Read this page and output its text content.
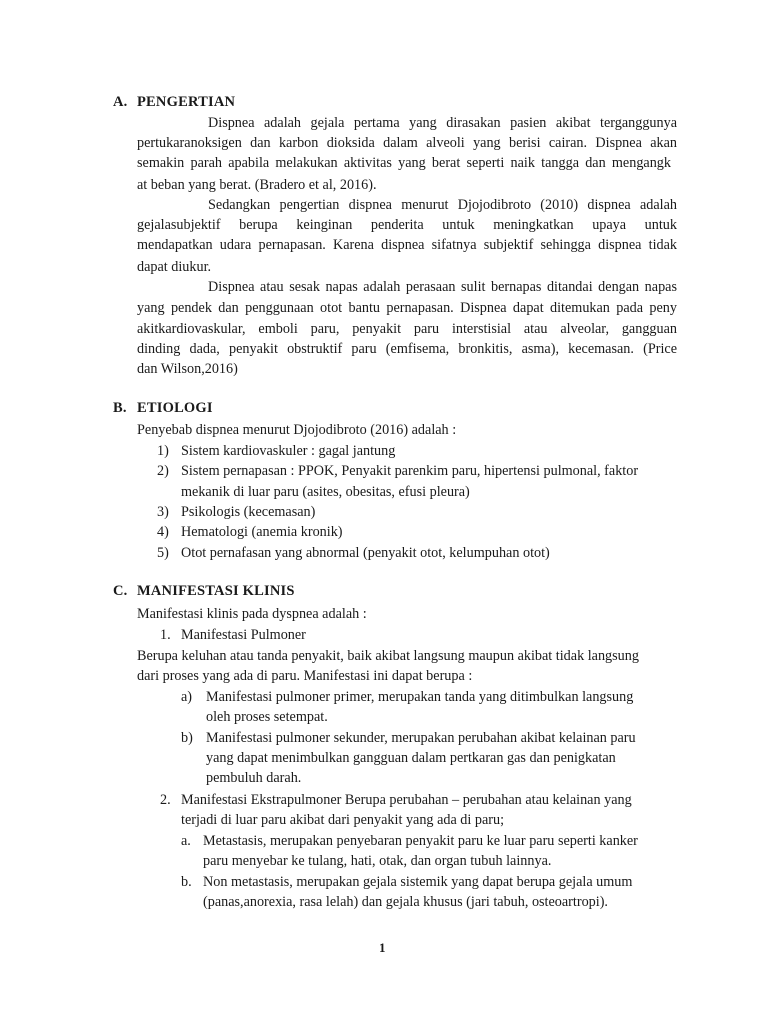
A. PENGERTIAN
Dispnea adalah gejala pertama yang dirasakan pasien akibat terganggunya
pertukaranoksigen dan karbon dioksida dalam alveoli yang berisi cairan. Dispnea akan
semakin parah apabila melakukan aktivitas yang berat seperti naik tangga dan mengangk
at beban yang berat. (Bradero et al, 2016).
Sedangkan pengertian dispnea menurut Djojodibroto (2010) dispnea adalah
gejalasubjektif berupa keinginan penderita untuk meningkatkan upaya untuk
mendapatkan udara pernapasan. Karena dispnea sifatnya subjektif sehingga dispnea tidak
dapat diukur.
Dispnea atau sesak napas adalah perasaan sulit bernapas ditandai dengan napas
yang pendek dan penggunaan otot bantu pernapasan. Dispnea dapat ditemukan pada peny
akitkardiovaskular, emboli paru, penyakit paru interstisial atau alveolar, gangguan
dinding dada, penyakit obstruktif paru (emfisema, bronkitis, asma), kecemasan. (Price
dan Wilson,2016)
B. ETIOLOGI
Penyebab dispnea menurut Djojodibroto (2016) adalah :
1) Sistem kardiovaskuler : gagal jantung
2) Sistem pernapasan : PPOK, Penyakit parenkim paru, hipertensi pulmonal, faktor
mekanik di luar paru (asites, obesitas, efusi pleura)
3) Psikologis (kecemasan)
4) Hematologi (anemia kronik)
5) Otot pernafasan yang abnormal (penyakit otot, kelumpuhan otot)
C. MANIFESTASI KLINIS
Manifestasi klinis pada dyspnea adalah :
1. Manifestasi Pulmoner
Berupa keluhan atau tanda penyakit, baik akibat langsung maupun akibat tidak langsung
dari proses yang ada di paru. Manifestasi ini dapat berupa :
a) Manifestasi pulmoner primer, merupakan tanda yang ditimbulkan langsung
oleh proses setempat.
b) Manifestasi pulmoner sekunder, merupakan perubahan akibat kelainan paru
yang dapat menimbulkan gangguan dalam pertkaran gas dan penigkatan
pembuluh darah.
2. Manifestasi Ekstrapulmoner Berupa perubahan – perubahan atau kelainan yang
terjadi di luar paru akibat dari penyakit yang ada di paru;
a. Metastasis, merupakan penyebaran penyakit paru ke luar paru seperti kanker
paru menyebar ke tulang, hati, otak, dan organ tubuh lainnya.
b. Non metastasis, merupakan gejala sistemik yang dapat berupa gejala umum
(panas,anorexia, rasa lelah) dan gejala khusus (jari tabuh, osteoartropi).
1
